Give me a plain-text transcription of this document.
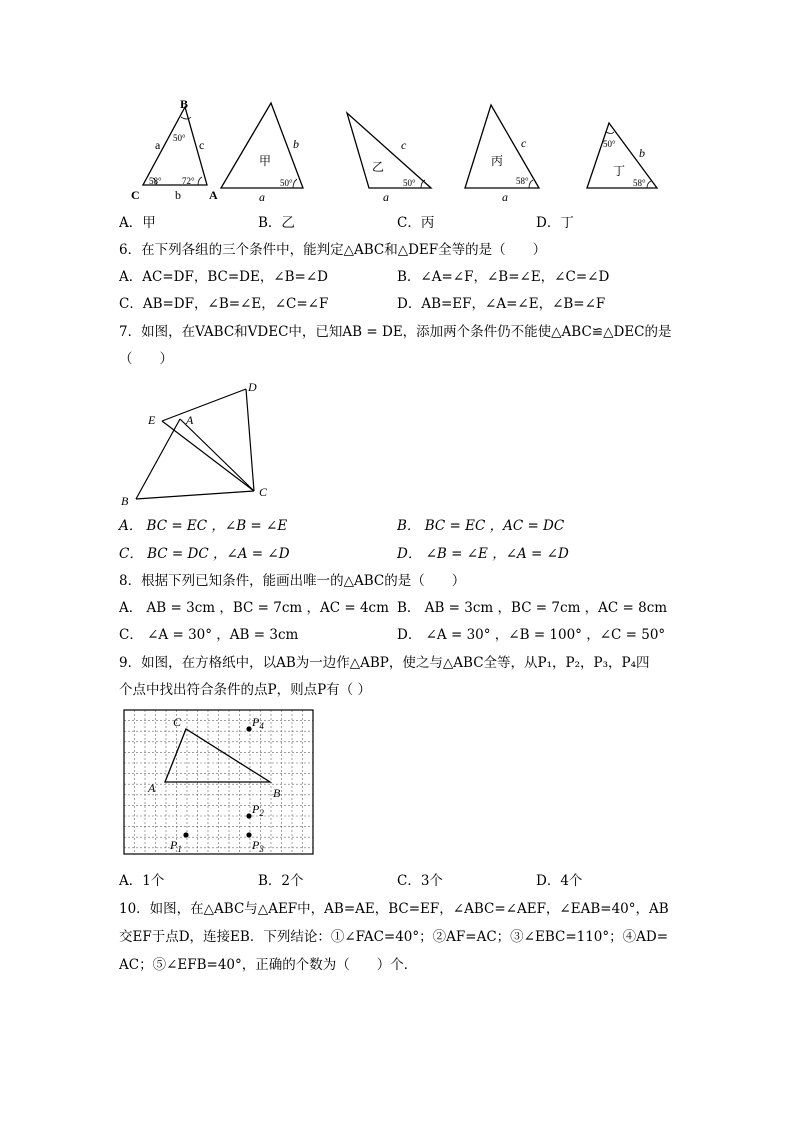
B
C	A
a	c
b
50°
58° 72°
甲
b
a
50°
乙
c
a
50°
丙
c
a
58°
丁
b
50°
58°
A．甲	B．乙	C．丙	D．丁
6．在下列各组的三个条件中，能判定△ABC和△DEF全等的是（　　）
A．AC=DF，BC=DE，∠B=∠D	B．∠A=∠F，∠B=∠E，∠C=∠D
C．AB=DF，∠B=∠E，∠C=∠F	D．AB=EF，∠A=∠E，∠B=∠F
7．如图，在VABC和VDEC中，已知AB = DE，添加两个条件仍不能使△ABC≌△DEC的是
（　　）
D
E	A
B
C
A． BC = EC ，∠B = ∠E	B． BC = EC ，AC = DC
C． BC = DC ，∠A = ∠D	D． ∠B = ∠E ，∠A = ∠D
8．根据下列已知条件，能画出唯一的△ABC的是（　　）
A． AB = 3cm ，BC = 7cm ，AC = 4cm B． AB = 3cm ，BC = 7cm ，AC = 8cm
C． ∠A = 30° ，AB = 3cm	D． ∠A = 30° ，∠B = 100° ，∠C = 50°
9．如图，在方格纸中，以AB为一边作△ABP，使之与△ABC全等，从P₁，P₂，P₃，P₄四
个点中找出符合条件的点P，则点P有（ ）
C
A	B
$P_4$
$P_2$
$P_3$
$P_1$
A．1个	B．2个	C．3个	D．4个
10．如图，在△ABC与△AEF中，AB=AE，BC=EF，∠ABC=∠AEF，∠EAB=40°，AB
交EF于点D，连接EB．下列结论：①∠FAC=40°；②AF=AC；③∠EBC=110°；④AD=
AC；⑤∠EFB=40°，正确的个数为（　　）个．
